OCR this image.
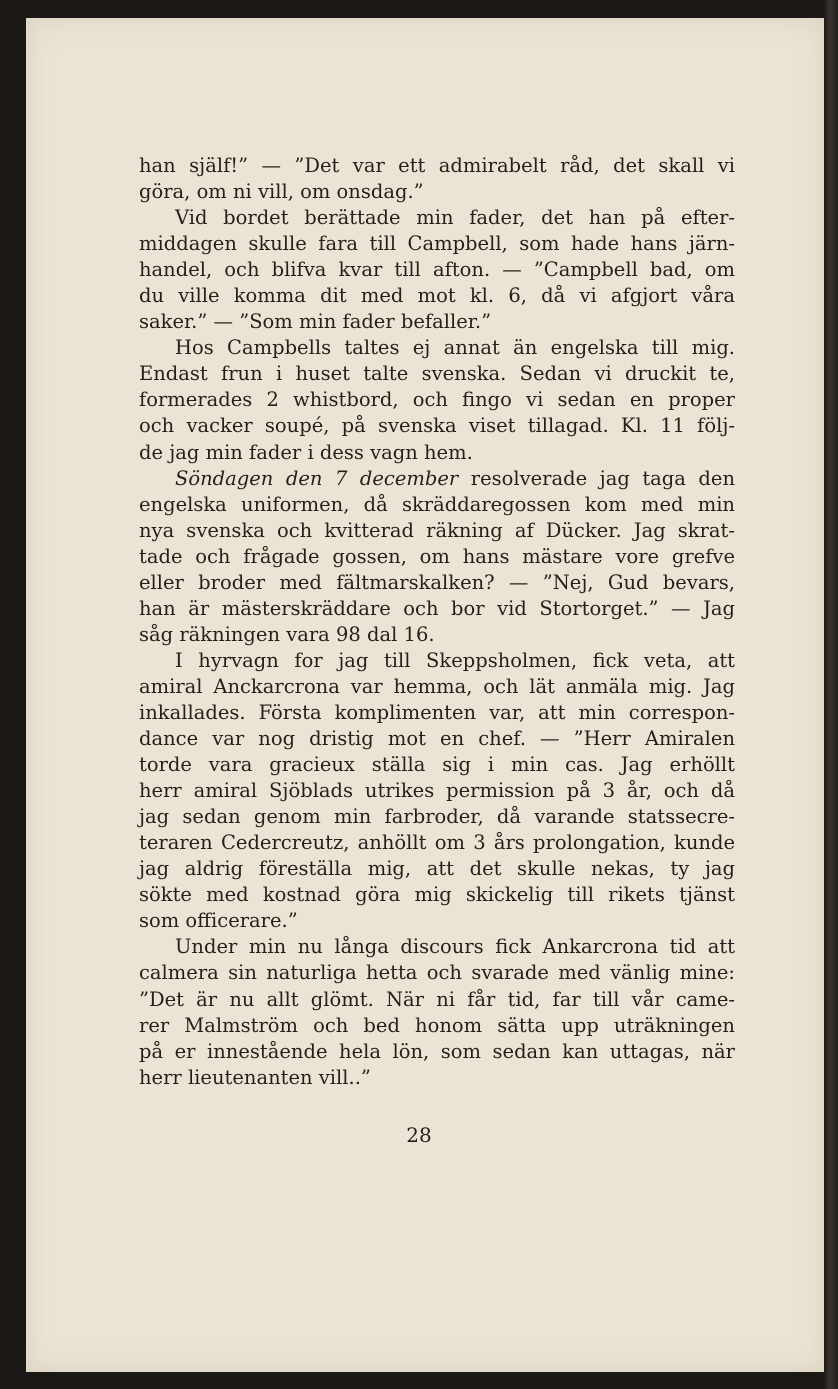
han själf!” — ”Det var ett admirabelt råd, det skall vi
göra, om ni vill, om onsdag.”
Vid bordet berättade min fader, det han på efter-
middagen skulle fara till Campbell, som hade hans järn-
handel, och blifva kvar till afton. — ”Campbell bad, om
du ville komma dit med mot kl. 6, då vi afgjort våra
saker.” — ”Som min fader befaller.”
Hos Campbells taltes ej annat än engelska till mig.
Endast frun i huset talte svenska. Sedan vi druckit te,
formerades 2 whistbord, och fingo vi sedan en proper
och vacker soupé, på svenska viset tillagad. Kl. 11 följ-
de jag min fader i dess vagn hem.
Söndagen den 7 december resolverade jag taga den
engelska uniformen, då skräddaregossen kom med min
nya svenska och kvitterad räkning af Dücker. Jag skrat-
tade och frågade gossen, om hans mästare vore grefve
eller broder med fältmarskalken? — ”Nej, Gud bevars,
han är mästerskräddare och bor vid Stortorget.” — Jag
såg räkningen vara 98 dal 16.
I hyrvagn for jag till Skeppsholmen, fick veta, att
amiral Anckarcrona var hemma, och lät anmäla mig. Jag
inkallades. Första komplimenten var, att min correspon-
dance var nog dristig mot en chef. — ”Herr Amiralen
torde vara gracieux ställa sig i min cas. Jag erhöllt
herr amiral Sjöblads utrikes permission på 3 år, och då
jag sedan genom min farbroder, då varande statssecre-
teraren Cedercreutz, anhöllt om 3 års prolongation, kunde
jag aldrig föreställa mig, att det skulle nekas, ty jag
sökte med kostnad göra mig skickelig till rikets tjänst
som officerare.”
Under min nu långa discours fick Ankarcrona tid att
calmera sin naturliga hetta och svarade med vänlig mine:
”Det är nu allt glömt. När ni får tid, far till vår came-
rer Malmström och bed honom sätta upp uträkningen
på er innestående hela lön, som sedan kan uttagas, när
herr lieutenanten vill..”
28
